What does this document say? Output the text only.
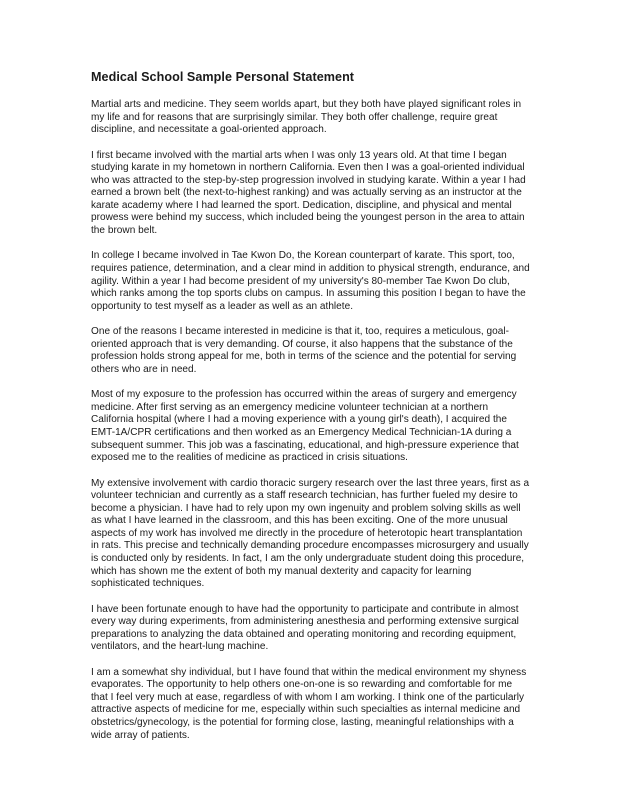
Medical School Sample Personal Statement

Martial arts and medicine. They seem worlds apart, but they both have played significant roles in my life and for reasons that are surprisingly similar. They both offer challenge, require great discipline, and necessitate a goal-oriented approach.

I first became involved with the martial arts when I was only 13 years old. At that time I began studying karate in my hometown in northern California. Even then I was a goal-oriented individual who was attracted to the step-by-step progression involved in studying karate. Within a year I had earned a brown belt (the next-to-highest ranking) and was actually serving as an instructor at the karate academy where I had learned the sport. Dedication, discipline, and physical and mental prowess were behind my success, which included being the youngest person in the area to attain the brown belt.

In college I became involved in Tae Kwon Do, the Korean counterpart of karate. This sport, too, requires patience, determination, and a clear mind in addition to physical strength, endurance, and agility. Within a year I had become president of my university's 80-member Tae Kwon Do club, which ranks among the top sports clubs on campus. In assuming this position I began to have the opportunity to test myself as a leader as well as an athlete.

One of the reasons I became interested in medicine is that it, too, requires a meticulous, goal-oriented approach that is very demanding. Of course, it also happens that the substance of the profession holds strong appeal for me, both in terms of the science and the potential for serving others who are in need.

Most of my exposure to the profession has occurred within the areas of surgery and emergency medicine. After first serving as an emergency medicine volunteer technician at a northern California hospital (where I had a moving experience with a young girl's death), I acquired the EMT-1A/CPR certifications and then worked as an Emergency Medical Technician-1A during a subsequent summer. This job was a fascinating, educational, and high-pressure experience that exposed me to the realities of medicine as practiced in crisis situations.

My extensive involvement with cardio thoracic surgery research over the last three years, first as a volunteer technician and currently as a staff research technician, has further fueled my desire to become a physician. I have had to rely upon my own ingenuity and problem solving skills as well as what I have learned in the classroom, and this has been exciting. One of the more unusual aspects of my work has involved me directly in the procedure of heterotopic heart transplantation in rats. This precise and technically demanding procedure encompasses microsurgery and usually is conducted only by residents. In fact, I am the only undergraduate student doing this procedure, which has shown me the extent of both my manual dexterity and capacity for learning sophisticated techniques.

I have been fortunate enough to have had the opportunity to participate and contribute in almost every way during experiments, from administering anesthesia and performing extensive surgical preparations to analyzing the data obtained and operating monitoring and recording equipment, ventilators, and the heart-lung machine.

I am a somewhat shy individual, but I have found that within the medical environment my shyness evaporates. The opportunity to help others one-on-one is so rewarding and comfortable for me that I feel very much at ease, regardless of with whom I am working. I think one of the particularly attractive aspects of medicine for me, especially within such specialties as internal medicine and obstetrics/gynecology, is the potential for forming close, lasting, meaningful relationships with a wide array of patients.
